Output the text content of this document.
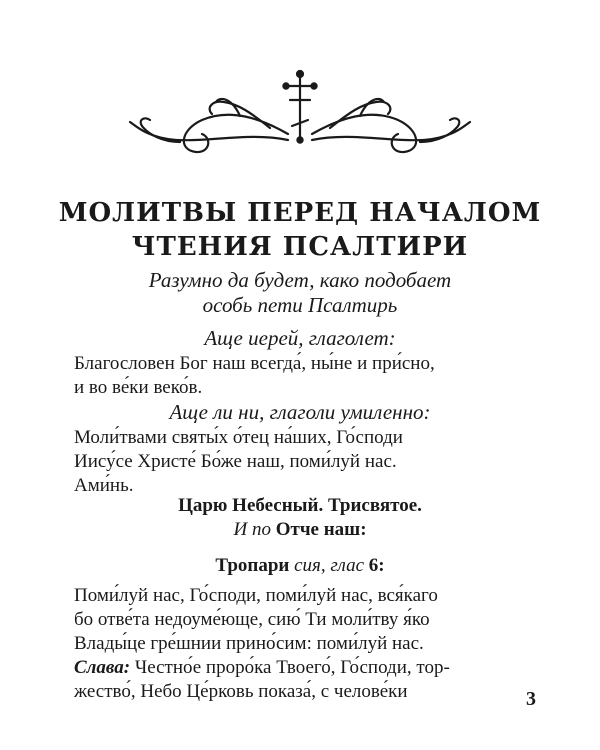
МОЛИТВЫ ПЕРЕД НАЧАЛОМ
ЧТЕНИЯ ПСАЛТИРИ
Разумно да будет, како подобает
особь пети Псалтирь
Аще иерей, глаголет:
Благословен Бог наш всегда́, ны́не и при́сно,
и во ве́ки веко́в.
Аще ли ни, глаголи умиленно:
Моли́твами святы́х о́тец на́ших, Го́споди
Иису́се Христе́ Бо́же наш, поми́луй нас.
Ами́нь.
Царю Небесный. Трисвятое.
И по Отче наш:
Тропари сия, глас 6:
Поми́луй нас, Го́споди, поми́луй нас, вся́каго
бо отве́та недоуме́юще, сию́ Ти моли́тву я́ко
Влады́це гре́шнии прино́сим: поми́луй нас.
Слава: Честно́е проро́ка Твоего́, Го́споди, тор-
жество́, Небо Це́рковь показа́, с челове́ки	3
